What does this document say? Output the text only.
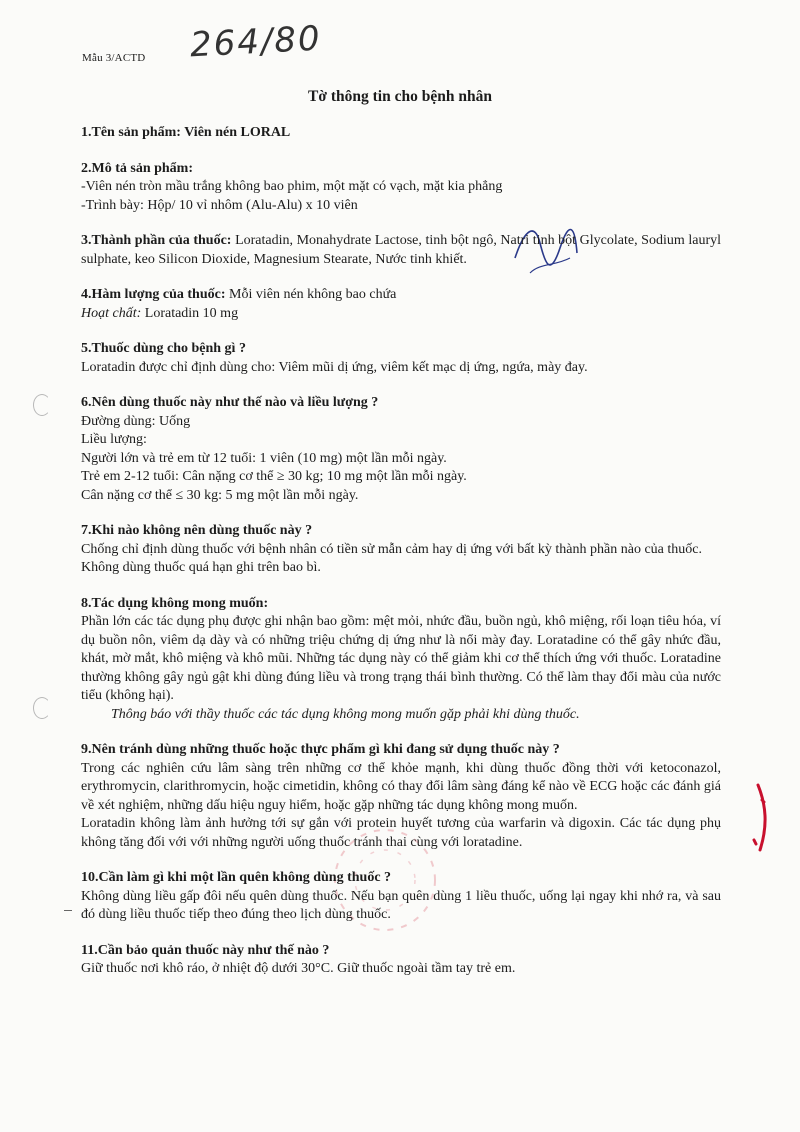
Mẫu 3/ACTD 264/80
Tờ thông tin cho bệnh nhân
1.Tên sản phẩm: Viên nén LORAL
2.Mô tả sản phẩm:

-Viên nén tròn mầu trắng không bao phim, một mặt có vạch, mặt kia phẳng

-Trình bày: Hộp/ 10 vỉ nhôm (Alu-Alu) x 10 viên

3.Thành phần của thuốc: Loratadin, Monahydrate Lactose, tinh bột ngô, Natri tinh bột Glycolate, Sodium lauryl sulphate, keo Silicon Dioxide, Magnesium Stearate, Nước tinh khiết.

4.Hàm lượng của thuốc: Mỗi viên nén không bao chứa

Hoạt chất: Loratadin 10 mg

5.Thuốc dùng cho bệnh gì ?

Loratadin được chỉ định dùng cho: Viêm mũi dị ứng, viêm kết mạc dị ứng, ngứa, mày đay.

6.Nên dùng thuốc này như thế nào và liều lượng ?

Đường dùng: Uống

Liều lượng:

Người lớn và trẻ em từ 12 tuổi: 1 viên (10 mg) một lần mỗi ngày.

Trẻ em 2-12 tuổi: Cân nặng cơ thể ≥ 30 kg; 10 mg một lần mỗi ngày.

Cân nặng cơ thể ≤ 30 kg: 5 mg một lần mỗi ngày.

7.Khi nào không nên dùng thuốc này ?

Chống chỉ định dùng thuốc với bệnh nhân có tiền sử mẫn cảm hay dị ứng với bất kỳ thành phần nào của thuốc.

Không dùng thuốc quá hạn ghi trên bao bì.

8.Tác dụng không mong muốn:

Phần lớn các tác dụng phụ được ghi nhận bao gồm: mệt mỏi, nhức đầu, buồn ngủ, khô miệng, rối loạn tiêu hóa, ví dụ buồn nôn, viêm dạ dày và có những triệu chứng dị ứng như là nổi mày đay. Loratadine có thể gây nhức đầu, khát, mờ mắt, khô miệng và khô mũi. Những tác dụng này có thể giảm khi cơ thể thích ứng với thuốc. Loratadine thường không gây ngủ gật khi dùng đúng liều và trong trạng thái bình thường. Có thể làm thay đổi màu của nước tiểu (không hại).

Thông báo với thầy thuốc các tác dụng không mong muốn gặp phải khi dùng thuốc.

9.Nên tránh dùng những thuốc hoặc thực phẩm gì khi đang sử dụng thuốc này ?

Trong các nghiên cứu lâm sàng trên những cơ thể khỏe mạnh, khi dùng thuốc đồng thời với ketoconazol, erythromycin, clarithromycin, hoặc cimetidin, không có thay đổi lâm sàng đáng kể nào về ECG hoặc các đánh giá về xét nghiệm, những dấu hiệu nguy hiểm, hoặc gặp những tác dụng không mong muốn.

Loratadin không làm ảnh hưởng tới sự gắn với protein huyết tương của warfarin và digoxin. Các tác dụng phụ không tăng đối với với những người uống thuốc tránh thai cùng với loratadine.

10.Cần làm gì khi một lần quên không dùng thuốc ?

Không dùng liều gấp đôi nếu quên dùng thuốc. Nếu bạn quên dùng 1 liều thuốc, uống lại ngay khi nhớ ra, và sau đó dùng liều thuốc tiếp theo đúng theo lịch dùng thuốc.

11.Cần bảo quản thuốc này như thế nào ?

Giữ thuốc nơi khô ráo, ở nhiệt độ dưới 30°C. Giữ thuốc ngoài tầm tay trẻ em.
